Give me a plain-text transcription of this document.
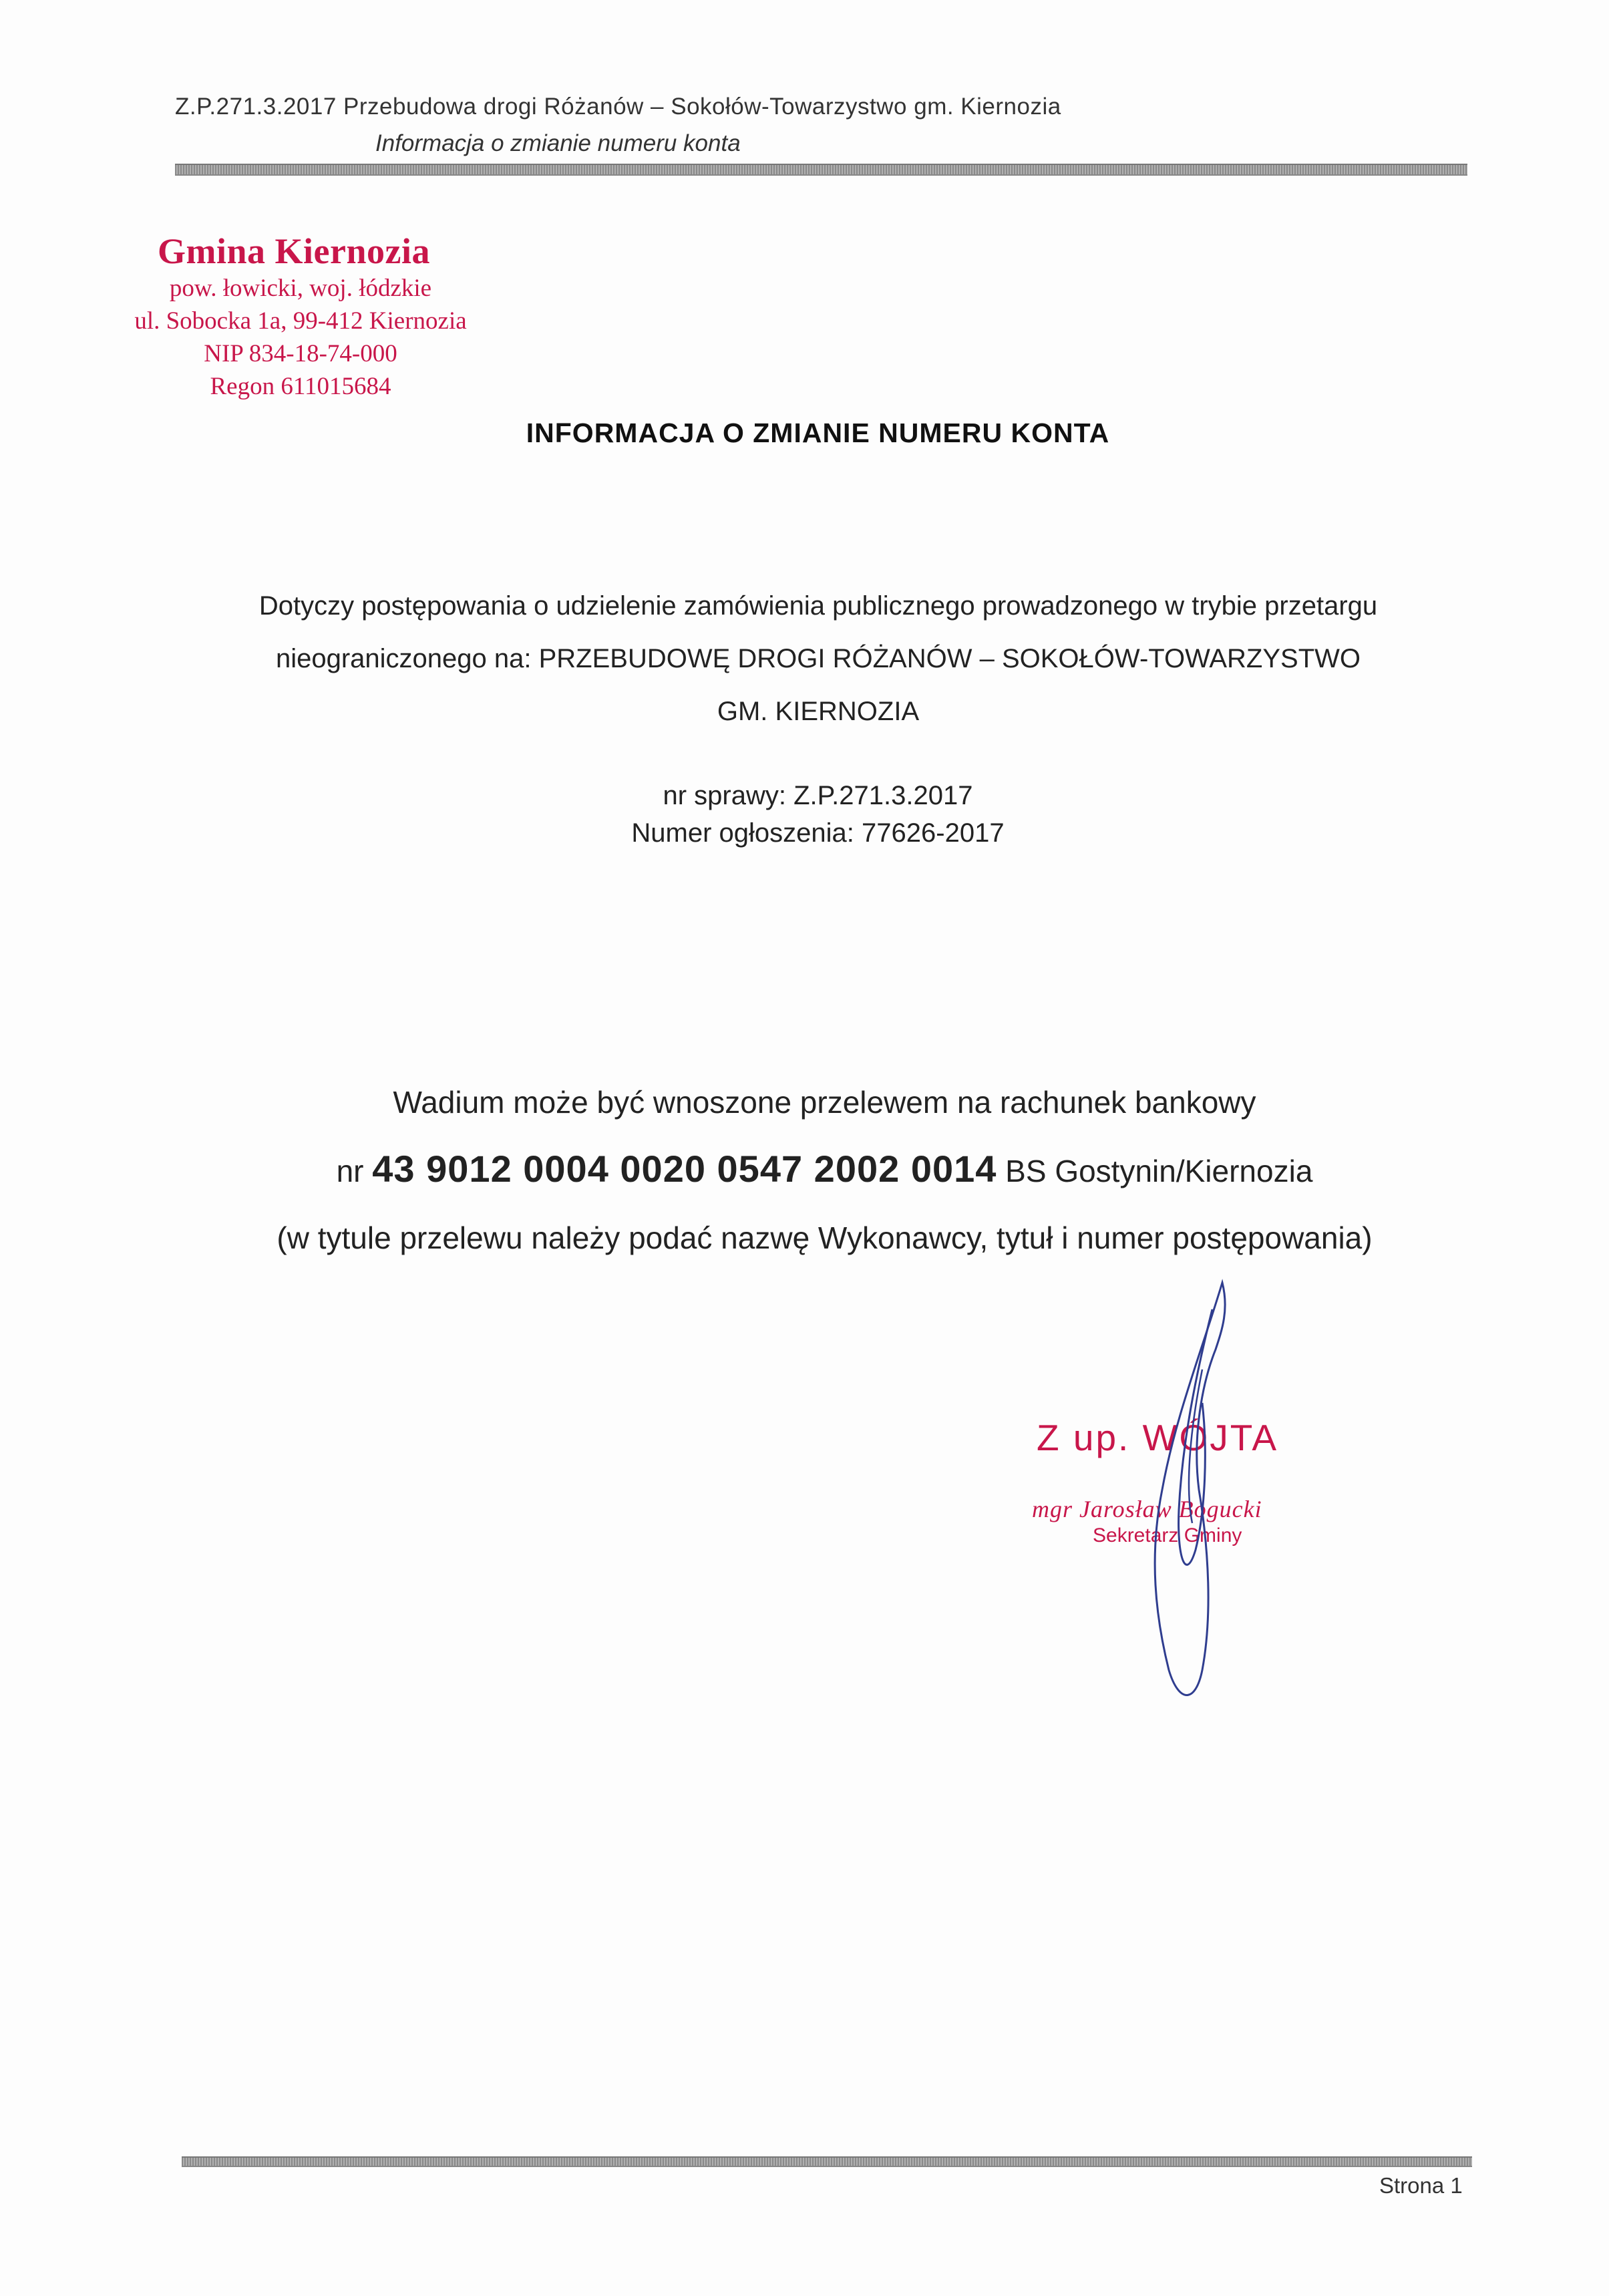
Z.P.271.3.2017 Przebudowa drogi Różanów – Sokołów-Towarzystwo gm. Kiernozia
Informacja o zmianie numeru konta
Gmina Kiernozia
pow. łowicki, woj. łódzkie
ul. Sobocka 1a, 99-412 Kiernozia
NIP 834-18-74-000
Regon 611015684
INFORMACJA O ZMIANIE NUMERU KONTA
Dotyczy postępowania o udzielenie zamówienia publicznego prowadzonego w trybie przetargu
nieograniczonego na: PRZEBUDOWĘ DROGI RÓŻANÓW – SOKOŁÓW-TOWARZYSTWO
GM. KIERNOZIA
nr sprawy: Z.P.271.3.2017
Numer ogłoszenia: 77626-2017
Wadium może być wnoszone przelewem na rachunek bankowy
nr 43 9012 0004 0020 0547 2002 0014 BS Gostynin/Kiernozia
(w tytule przelewu należy podać nazwę Wykonawcy, tytuł i numer postępowania)
Z up. WÓJTA
mgr Jarosław Bogucki
Sekretarz Gminy
Strona 1
